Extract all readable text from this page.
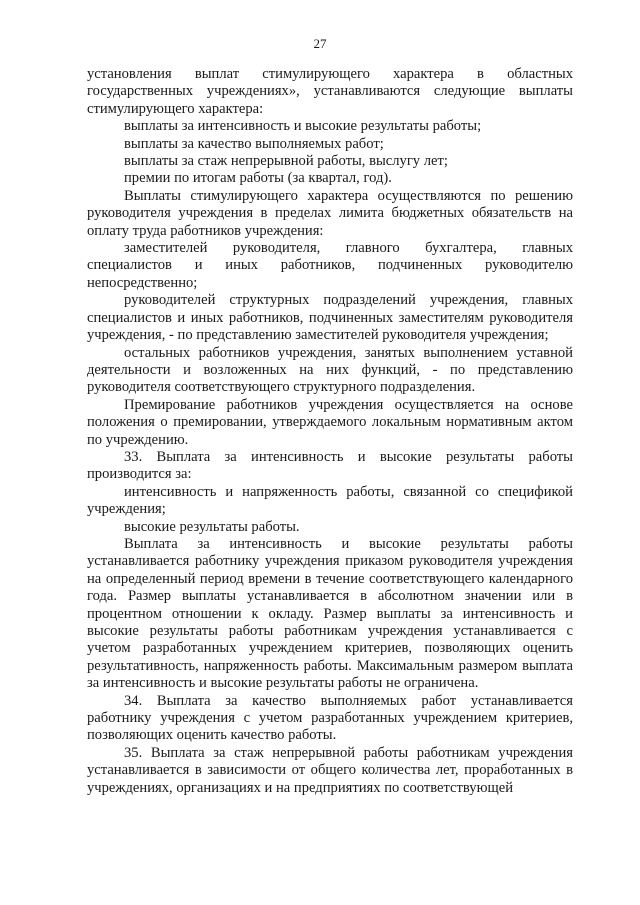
27

установления выплат стимулирующего характера в областных государственных учреждениях», устанавливаются следующие выплаты стимулирующего характера:

выплаты за интенсивность и высокие результаты работы;

выплаты за качество выполняемых работ;

выплаты за стаж непрерывной работы, выслугу лет;

премии по итогам работы (за квартал, год).

Выплаты стимулирующего характера осуществляются по решению руководителя учреждения в пределах лимита бюджетных обязательств на оплату труда работников учреждения:

заместителей руководителя, главного бухгалтера, главных специалистов и иных работников, подчиненных руководителю непосредственно;

руководителей структурных подразделений учреждения, главных специалистов и иных работников, подчиненных заместителям руководителя учреждения, - по представлению заместителей руководителя учреждения;

остальных работников учреждения, занятых выполнением уставной деятельности и возложенных на них функций, - по представлению руководителя соответствующего структурного подразделения.

Премирование работников учреждения осуществляется на основе положения о премировании, утверждаемого локальным нормативным актом по учреждению.

33. Выплата за интенсивность и высокие результаты работы производится за:

интенсивность и напряженность работы, связанной со спецификой учреждения;

высокие результаты работы.

Выплата за интенсивность и высокие результаты работы устанавливается работнику учреждения приказом руководителя учреждения на определенный период времени в течение соответствующего календарного года. Размер выплаты устанавливается в абсолютном значении или в процентном отношении к окладу. Размер выплаты за интенсивность и высокие результаты работы работникам учреждения устанавливается с учетом разработанных учреждением критериев, позволяющих оценить результативность, напряженность работы. Максимальным размером выплата за интенсивность и высокие результаты работы не ограничена.

34. Выплата за качество выполняемых работ устанавливается работнику учреждения с учетом разработанных учреждением критериев, позволяющих оценить качество работы.

35. Выплата за стаж непрерывной работы работникам учреждения устанавливается в зависимости от общего количества лет, проработанных в учреждениях, организациях и на предприятиях по соответствующей
